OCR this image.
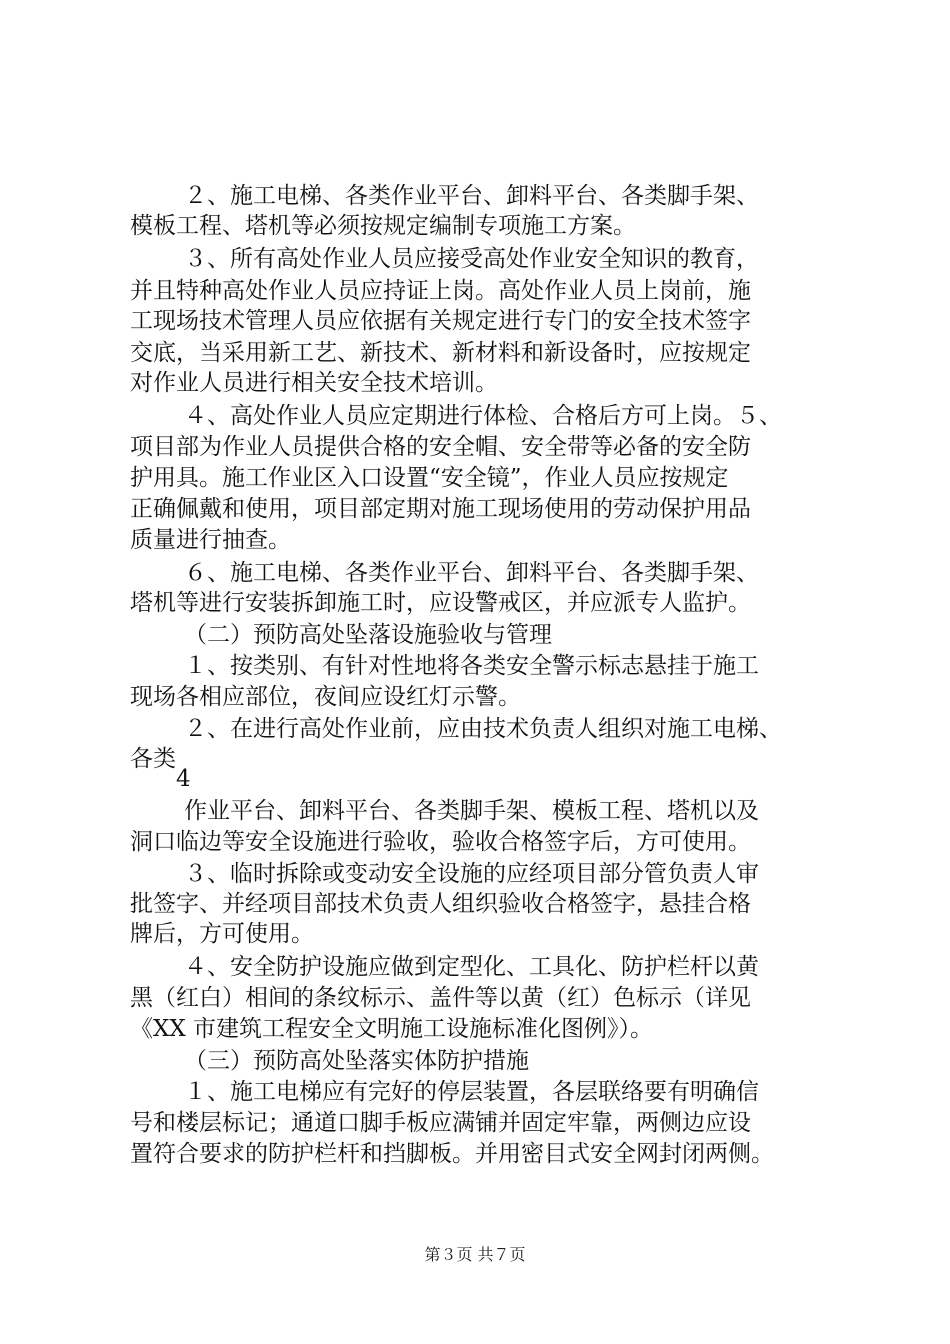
２、施工电梯、各类作业平台、卸料平台、各类脚手架、
模板工程、塔机等必须按规定编制专项施工方案。
３、所有高处作业人员应接受高处作业安全知识的教育，
并且特种高处作业人员应持证上岗。高处作业人员上岗前，施
工现场技术管理人员应依据有关规定进行专门的安全技术签字
交底，当采用新工艺、新技术、新材料和新设备时，应按规定
对作业人员进行相关安全技术培训。
４、高处作业人员应定期进行体检、合格后方可上岗。５、
项目部为作业人员提供合格的安全帽、安全带等必备的安全防
护用具。施工作业区入口设置“安全镜”，作业人员应按规定
正确佩戴和使用，项目部定期对施工现场使用的劳动保护用品
质量进行抽查。
６、施工电梯、各类作业平台、卸料平台、各类脚手架、
塔机等进行安装拆卸施工时，应设警戒区，并应派专人监护。
（二）预防高处坠落设施验收与管理
１、按类别、有针对性地将各类安全警示标志悬挂于施工
现场各相应部位，夜间应设红灯示警。
２、在进行高处作业前，应由技术负责人组织对施工电梯、
各类
4
作业平台、卸料平台、各类脚手架、模板工程、塔机以及
洞口临边等安全设施进行验收，验收合格签字后，方可使用。
３、临时拆除或变动安全设施的应经项目部分管负责人审
批签字、并经项目部技术负责人组织验收合格签字，悬挂合格
牌后，方可使用。
４、安全防护设施应做到定型化、工具化、防护栏杆以黄
黑（红白）相间的条纹标示、盖件等以黄（红）色标示（详见
《XX 市建筑工程安全文明施工设施标准化图例》）。
（三）预防高处坠落实体防护措施
１、施工电梯应有完好的停层装置，各层联络要有明确信
号和楼层标记；通道口脚手板应满铺并固定牢靠，两侧边应设
置符合要求的防护栏杆和挡脚板。并用密目式安全网封闭两侧。
第３页 共７页
